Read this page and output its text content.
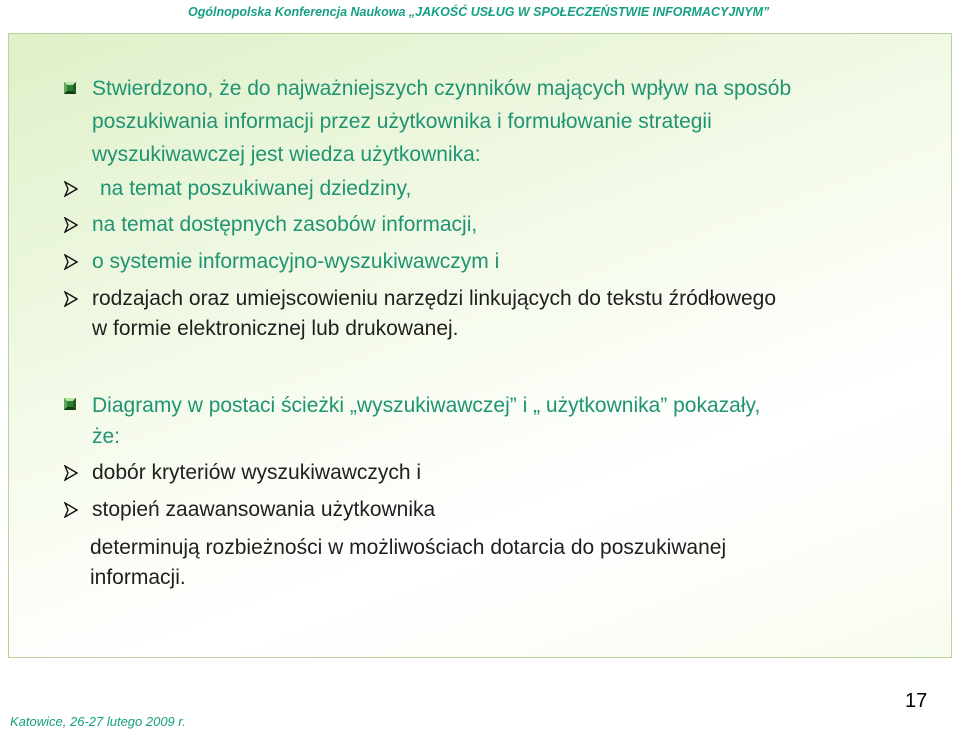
Ogólnopolska Konferencja Naukowa „JAKOŚĆ USŁUG W SPOŁECZEŃSTWIE INFORMACYJNYM”
Stwierdzono, że do najważniejszych czynników mających wpływ na sposób
poszukiwania informacji przez użytkownika i formułowanie strategii
wyszukiwawczej jest wiedza użytkownika:
na temat poszukiwanej dziedziny,
na temat dostępnych zasobów informacji,
o systemie informacyjno-wyszukiwawczym i
rodzajach oraz umiejscowieniu narzędzi linkujących do tekstu źródłowego
w formie elektronicznej lub drukowanej.
Diagramy w postaci ścieżki „wyszukiwawczej” i „ użytkownika” pokazały,
że:
dobór kryteriów wyszukiwawczych i
stopień zaawansowania użytkownika
determinują rozbieżności w możliwościach dotarcia do poszukiwanej
informacji.
Katowice, 26-27 lutego 2009 r.
17
